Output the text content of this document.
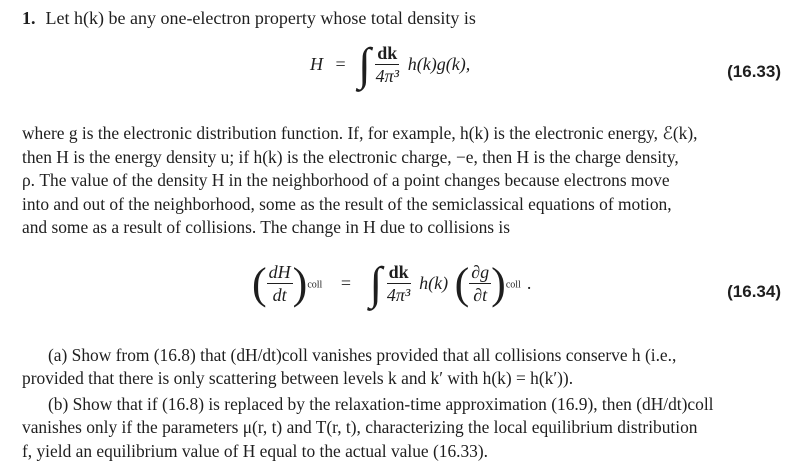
1. Let h(k) be any one-electron property whose total density is
H = ∫ $\frac{dk}{\text{4π³}} h(k)g(k)$,	(16.33)
where g is the electronic distribution function. If, for example, h(k) is the electronic energy, ℰ(k),
then H is the energy density u; if h(k) is the electronic charge, −e, then H is the charge density,
ρ. The value of the density H in the neighborhood of a point changes because electrons move
into and out of the neighborhood, some as the result of the semiclassical equations of motion,
and some as a result of collisions. The change in H due to collisions is
( $\frac{dH}{dt}$ )coll = ∫ $\frac{dk}{\text{4π³}} h(k)$ ( $\frac{\partial g}{\partial t}$ )coll .	(16.34)
(a) Show from (16.8) that (dH/dt)coll vanishes provided that all collisions conserve h (i.e.,
provided that there is only scattering between levels k and k′ with h(k) = h(k′)).
(b) Show that if (16.8) is replaced by the relaxation-time approximation (16.9), then (dH/dt)coll
vanishes only if the parameters μ(r, t) and T(r, t), characterizing the local equilibrium distribution
f, yield an equilibrium value of H equal to the actual value (16.33).
